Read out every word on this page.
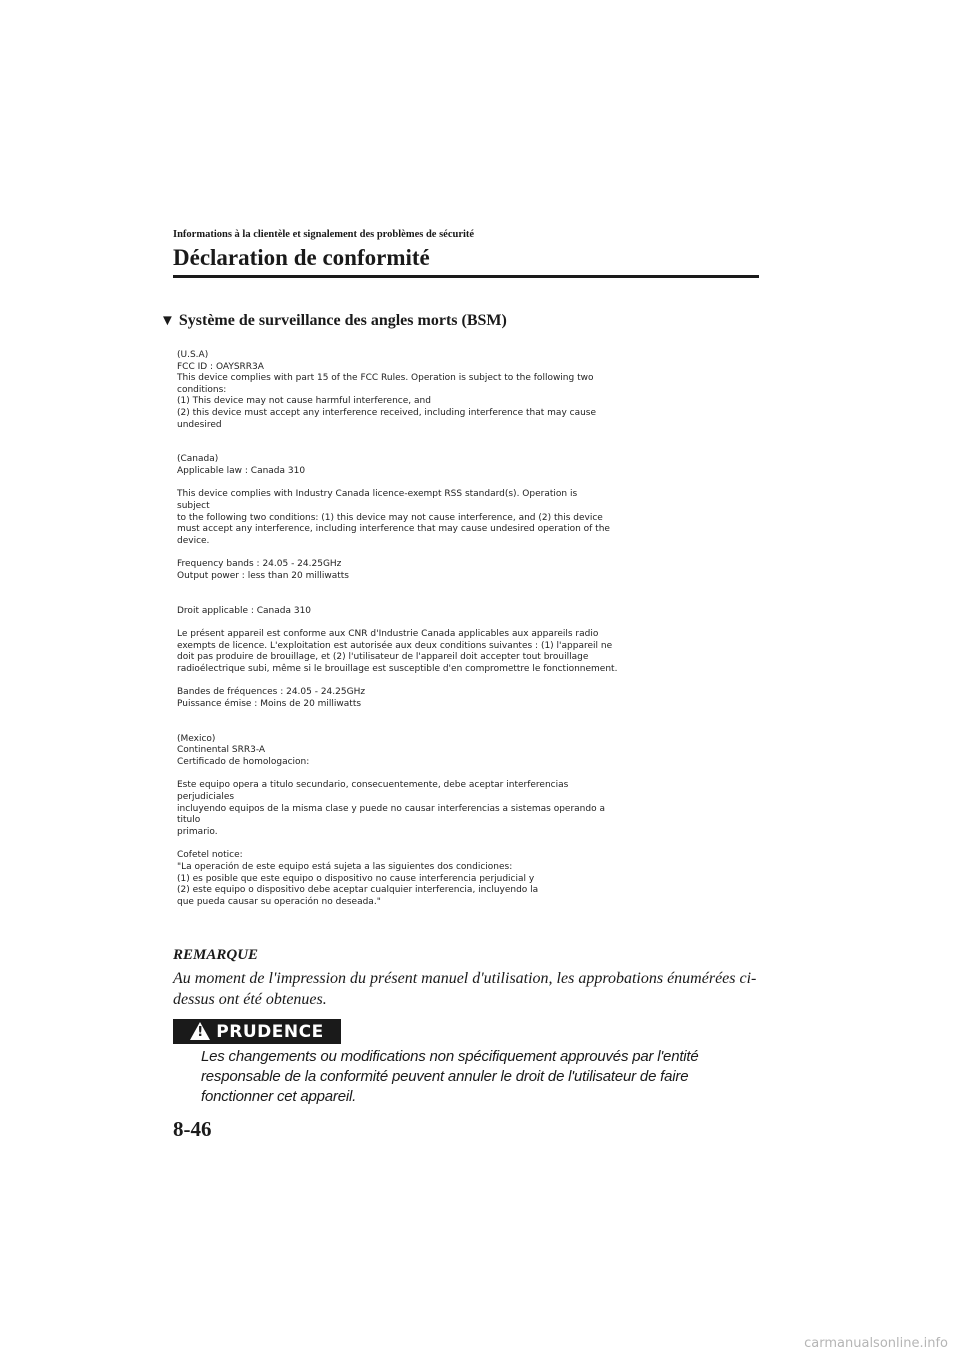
Informations à la clientèle et signalement des problèmes de sécurité
Déclaration de conformité
▼ Système de surveillance des angles morts (BSM)

(U.S.A)
FCC ID : OAYSRR3A
This device complies with part 15 of the FCC Rules. Operation is subject to the following two
conditions:
(1) This device may not cause harmful interference, and
(2) this device must accept any interference received, including interference that may cause
undesired

(Canada)
Applicable law : Canada 310

This device complies with Industry Canada licence-exempt RSS standard(s). Operation is
subject
to the following two conditions: (1) this device may not cause interference, and (2) this device
must accept any interference, including interference that may cause undesired operation of the
device.

Frequency bands : 24.05 - 24.25GHz
Output power : less than 20 milliwatts

Droit applicable : Canada 310

Le présent appareil est conforme aux CNR d'Industrie Canada applicables aux appareils radio
exempts de licence. L'exploitation est autorisée aux deux conditions suivantes : (1) l'appareil ne
doit pas produire de brouillage, et (2) l'utilisateur de l'appareil doit accepter tout brouillage
radioélectrique subi, même si le brouillage est susceptible d'en compromettre le fonctionnement.

Bandes de fréquences : 24.05 - 24.25GHz
Puissance émise : Moins de 20 milliwatts

(Mexico)
Continental SRR3-A
Certificado de homologacion:

Este equipo opera a titulo secundario, consecuentemente, debe aceptar interferencias
perjudiciales
incluyendo equipos de la misma clase y puede no causar interferencias a sistemas operando a
titulo
primario.

Cofetel notice:
"La operación de este equipo está sujeta a las siguientes dos condiciones:
(1) es posible que este equipo o dispositivo no cause interferencia perjudicial y
(2) este equipo o dispositivo debe aceptar cualquier interferencia, incluyendo la
que pueda causar su operación no deseada."

REMARQUE
Au moment de l'impression du présent manuel d'utilisation, les approbations énumérées ci-dessus ont été obtenues.
! PRUDENCE
Les changements ou modifications non spécifiquement approuvés par l'entité responsable de la conformité peuvent annuler le droit de l'utilisateur de faire fonctionner cet appareil.
8-46
carmanualsonline.info
